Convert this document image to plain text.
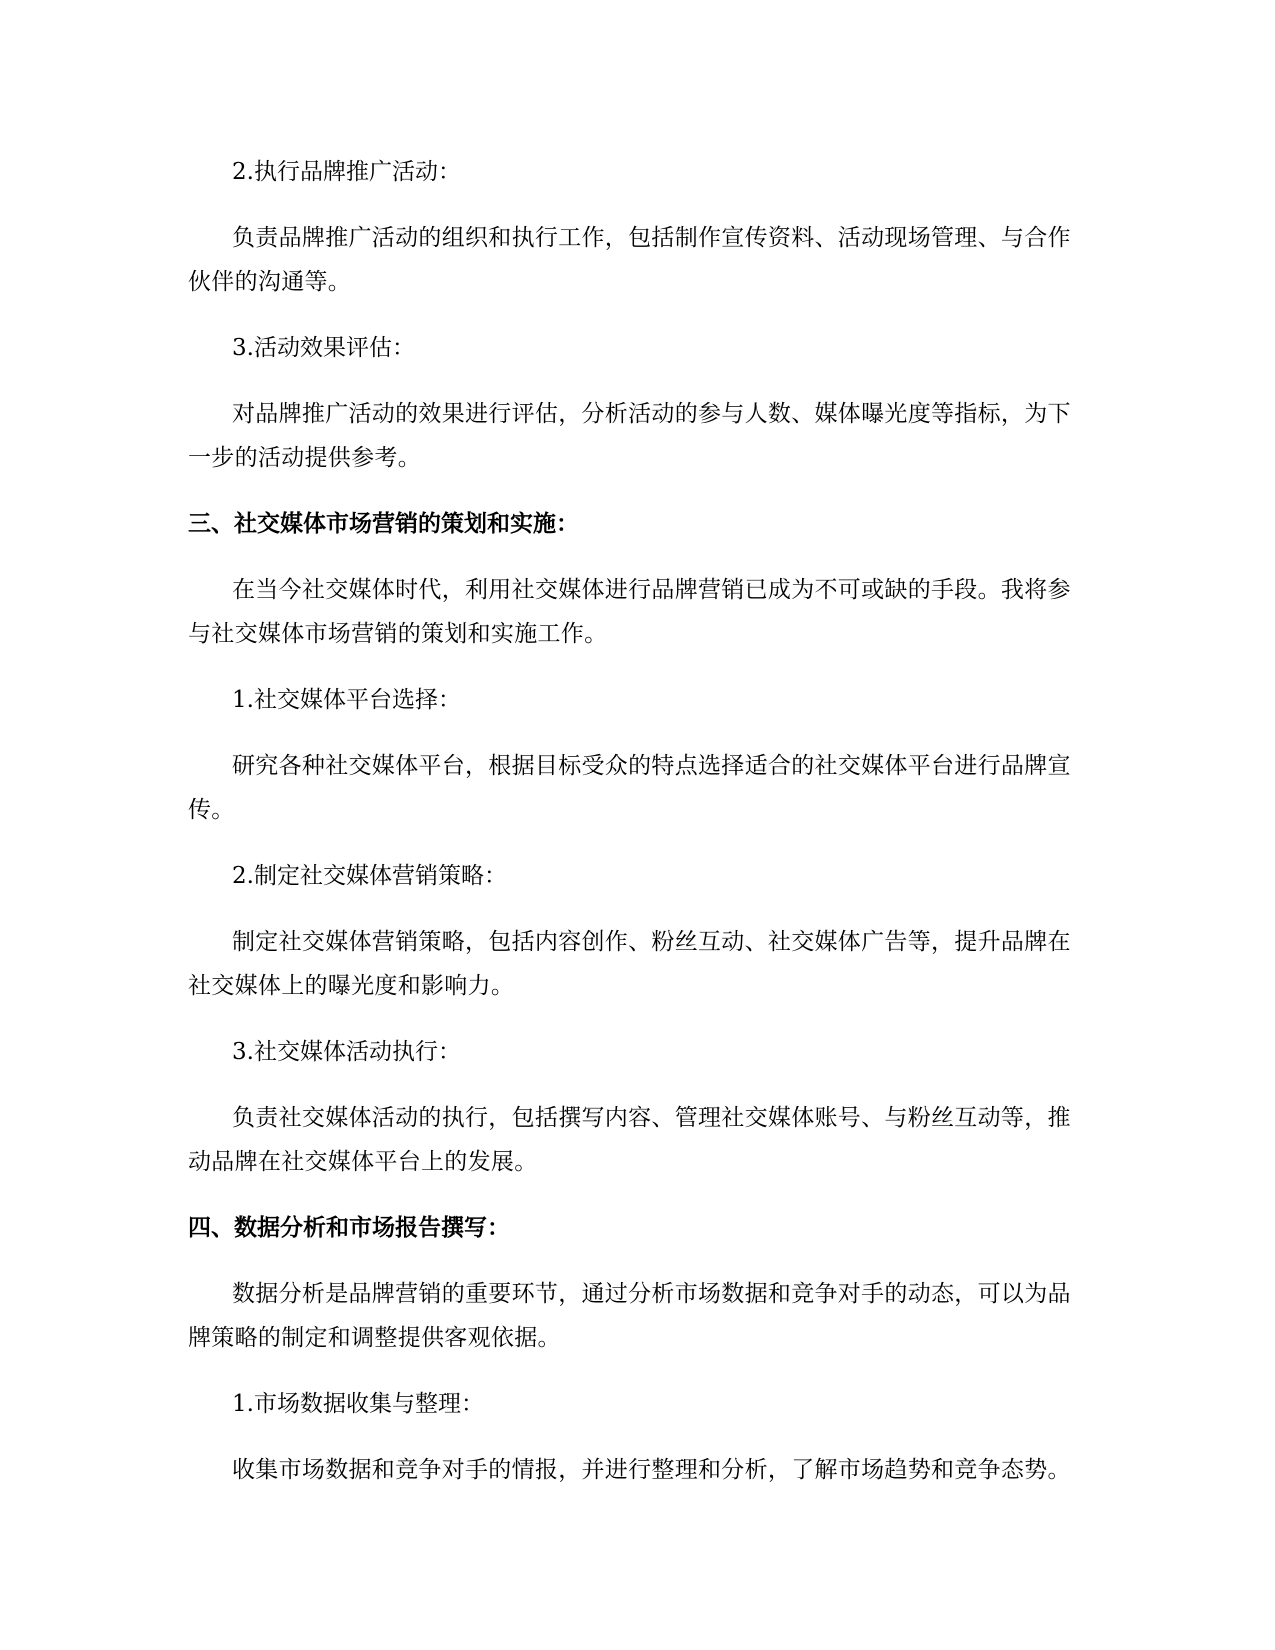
2.执行品牌推广活动：

负责品牌推广活动的组织和执行工作，包括制作宣传资料、活动现场管理、与合作伙伴的沟通等。

3.活动效果评估：

对品牌推广活动的效果进行评估，分析活动的参与人数、媒体曝光度等指标，为下一步的活动提供参考。

三、社交媒体市场营销的策划和实施：

在当今社交媒体时代，利用社交媒体进行品牌营销已成为不可或缺的手段。我将参与社交媒体市场营销的策划和实施工作。

1.社交媒体平台选择：

研究各种社交媒体平台，根据目标受众的特点选择适合的社交媒体平台进行品牌宣传。

2.制定社交媒体营销策略：

制定社交媒体营销策略，包括内容创作、粉丝互动、社交媒体广告等，提升品牌在社交媒体上的曝光度和影响力。

3.社交媒体活动执行：

负责社交媒体活动的执行，包括撰写内容、管理社交媒体账号、与粉丝互动等，推动品牌在社交媒体平台上的发展。

四、数据分析和市场报告撰写：

数据分析是品牌营销的重要环节，通过分析市场数据和竞争对手的动态，可以为品牌策略的制定和调整提供客观依据。

1.市场数据收集与整理：

收集市场数据和竞争对手的情报，并进行整理和分析，了解市场趋势和竞争态势。
